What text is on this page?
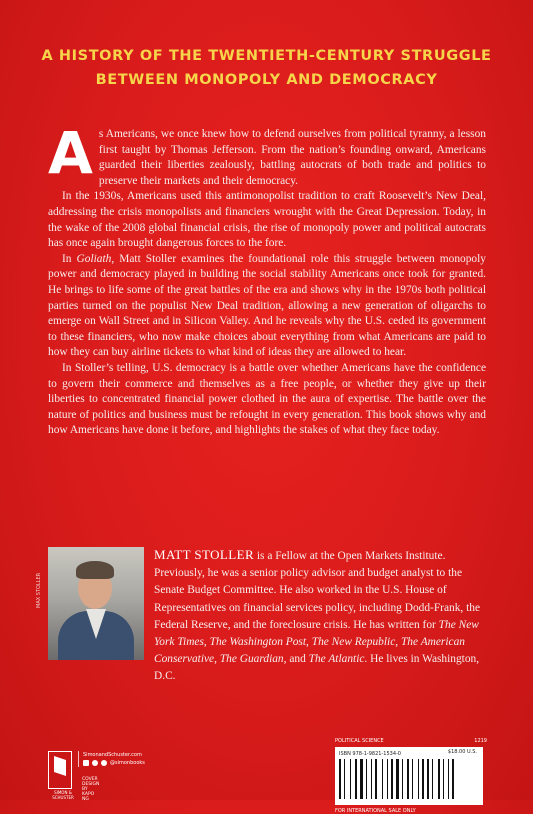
A HISTORY OF THE TWENTIETH-CENTURY STRUGGLE
BETWEEN MONOPOLY AND DEMOCRACY

As Americans, we once knew how to defend ourselves from political tyranny, a lesson first taught by Thomas Jefferson. From the nation’s founding onward, Americans guarded their liberties zealously, battling autocrats of both trade and politics to preserve their markets and their democracy.

In the 1930s, Americans used this antimonopolist tradition to craft Roosevelt’s New Deal, addressing the crisis monopolists and financiers wrought with the Great Depression. Today, in the wake of the 2008 global financial crisis, the rise of monopoly power and political autocrats has once again brought dangerous forces to the fore.

In Goliath, Matt Stoller examines the foundational role this struggle between monopoly power and democracy played in building the social stability Americans once took for granted. He brings to life some of the great battles of the era and shows why in the 1970s both political parties turned on the populist New Deal tradition, allowing a new generation of oligarchs to emerge on Wall Street and in Silicon Valley. And he reveals why the U.S. ceded its government to these financiers, who now make choices about everything from what Americans are paid to how they can buy airline tickets to what kind of ideas they are allowed to hear.

In Stoller’s telling, U.S. democracy is a battle over whether Americans have the confidence to govern their commerce and themselves as a free people, or whether they give up their liberties to concentrated financial power clothed in the aura of expertise. The battle over the nature of politics and business must be refought in every generation. This book shows why and how Americans have done it before, and highlights the stakes of what they face today.

MAX STOLLER
MATT STOLLER is a Fellow at the Open Markets Institute. Previously, he was a senior policy advisor and budget analyst to the Senate Budget Committee. He also worked in the U.S. House of Representatives on financial services policy, including Dodd-Frank, the Federal Reserve, and the foreclosure crisis. He has written for The New York Times, The Washington Post, The New Republic, The American Conservative, The Guardian, and The Atlantic. He lives in Washington, D.C.
SIMON & SCHUSTER
SimonandSchuster.com
@simonbooks
COVER DESIGN BY KAPO NG
POLITICAL SCIENCE	1219
ISBN 978-1-9821-1534-0	$18.00 U.S.
FOR INTERNATIONAL SALE ONLY
